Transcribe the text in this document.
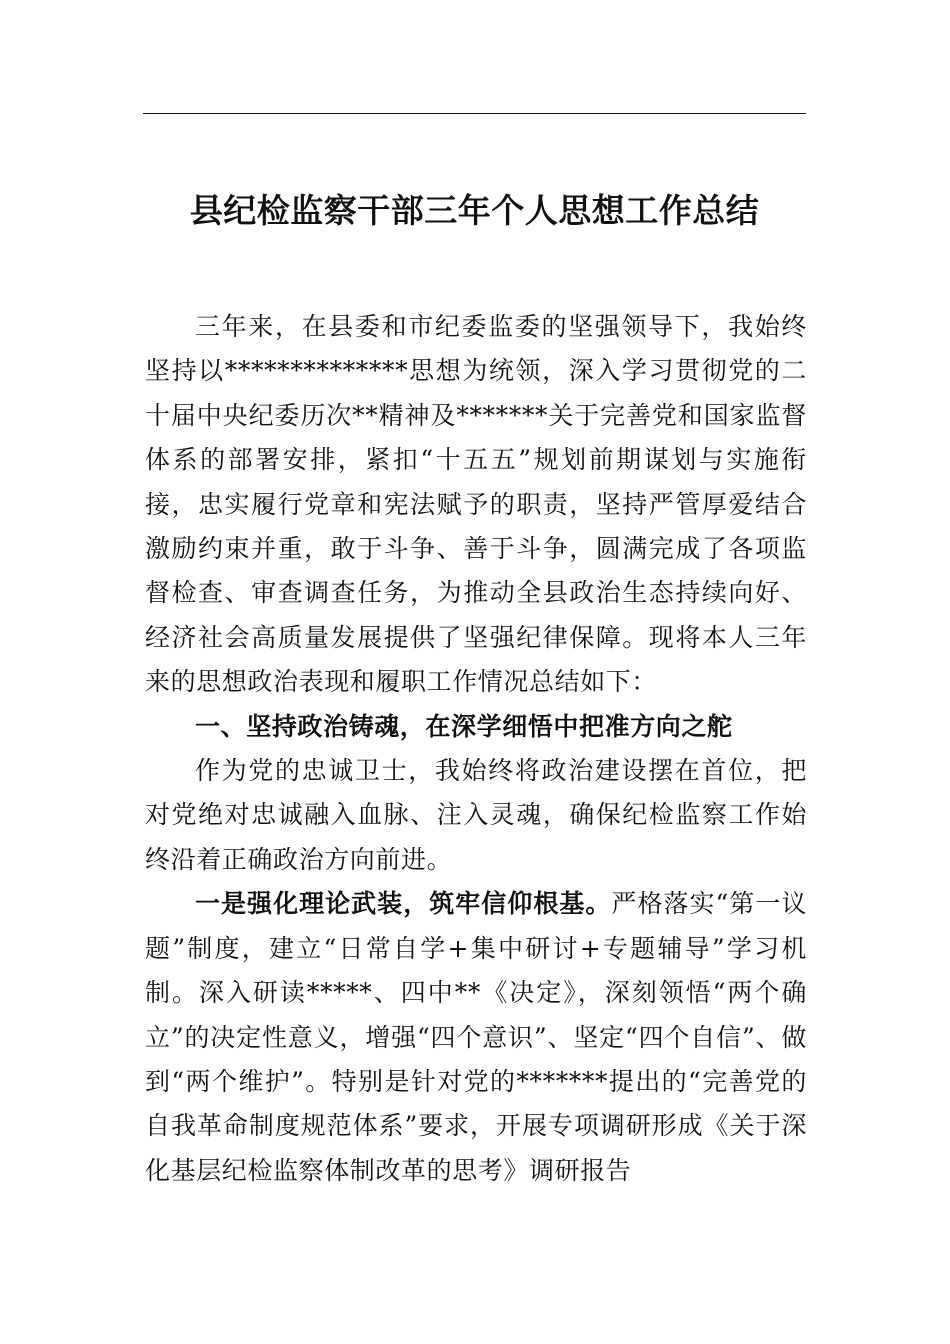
县纪检监察干部三年个人思想工作总结

三年来，在县委和市纪委监委的坚强领导下，我始终坚持以**************思想为统领，深入学习贯彻党的二十届中央纪委历次**精神及*******关于完善党和国家监督体系的部署安排，紧扣“十五五”规划前期谋划与实施衔接，忠实履行党章和宪法赋予的职责，坚持严管厚爱结合激励约束并重，敢于斗争、善于斗争，圆满完成了各项监督检查、审查调查任务，为推动全县政治生态持续向好、经济社会高质量发展提供了坚强纪律保障。现将本人三年来的思想政治表现和履职工作情况总结如下：

一、坚持政治铸魂，在深学细悟中把准方向之舵

作为党的忠诚卫士，我始终将政治建设摆在首位，把对党绝对忠诚融入血脉、注入灵魂，确保纪检监察工作始终沿着正确政治方向前进。

一是强化理论武装，筑牢信仰根基。严格落实“第一议题”制度，建立“日常自学+集中研讨+专题辅导”学习机制。深入研读*****、四中**《决定》，深刻领悟“两个确立”的决定性意义，增强“四个意识”、坚定“四个自信”、做到“两个维护”。特别是针对党的*******提出的“完善党的自我革命制度规范体系”要求，开展专项调研形成《关于深化基层纪检监察体制改革的思考》调研报告
